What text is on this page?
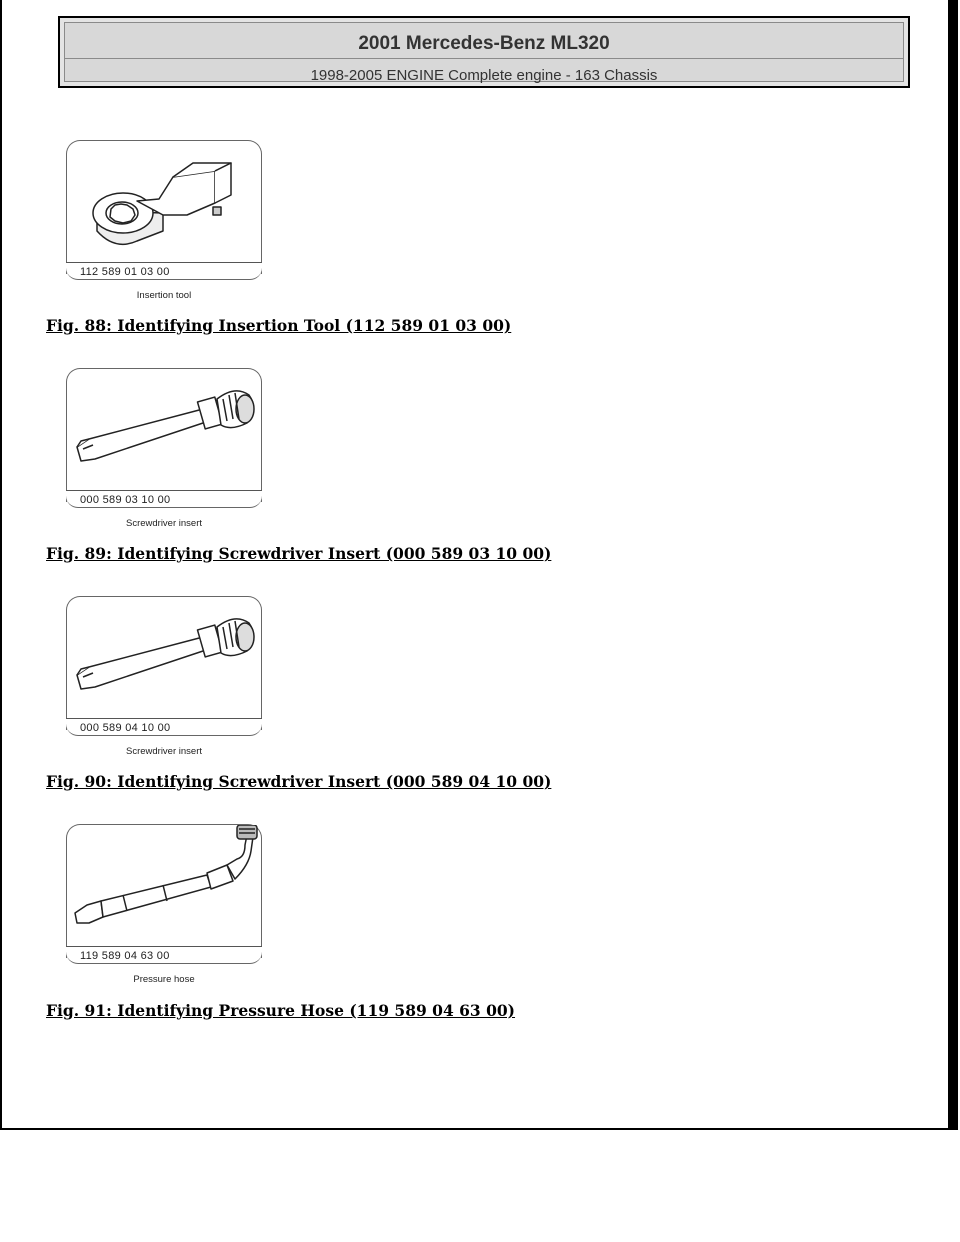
2001 Mercedes-Benz ML320
1998-2005 ENGINE Complete engine - 163 Chassis
112 589 01 03 00
Insertion tool
Fig. 88: Identifying Insertion Tool (112 589 01 03 00)
000 589 03 10 00
Screwdriver insert
Fig. 89: Identifying Screwdriver Insert (000 589 03 10 00)
000 589 04 10 00
Screwdriver insert
Fig. 90: Identifying Screwdriver Insert (000 589 04 10 00)
119 589 04 63 00
Pressure hose
Fig. 91: Identifying Pressure Hose (119 589 04 63 00)
